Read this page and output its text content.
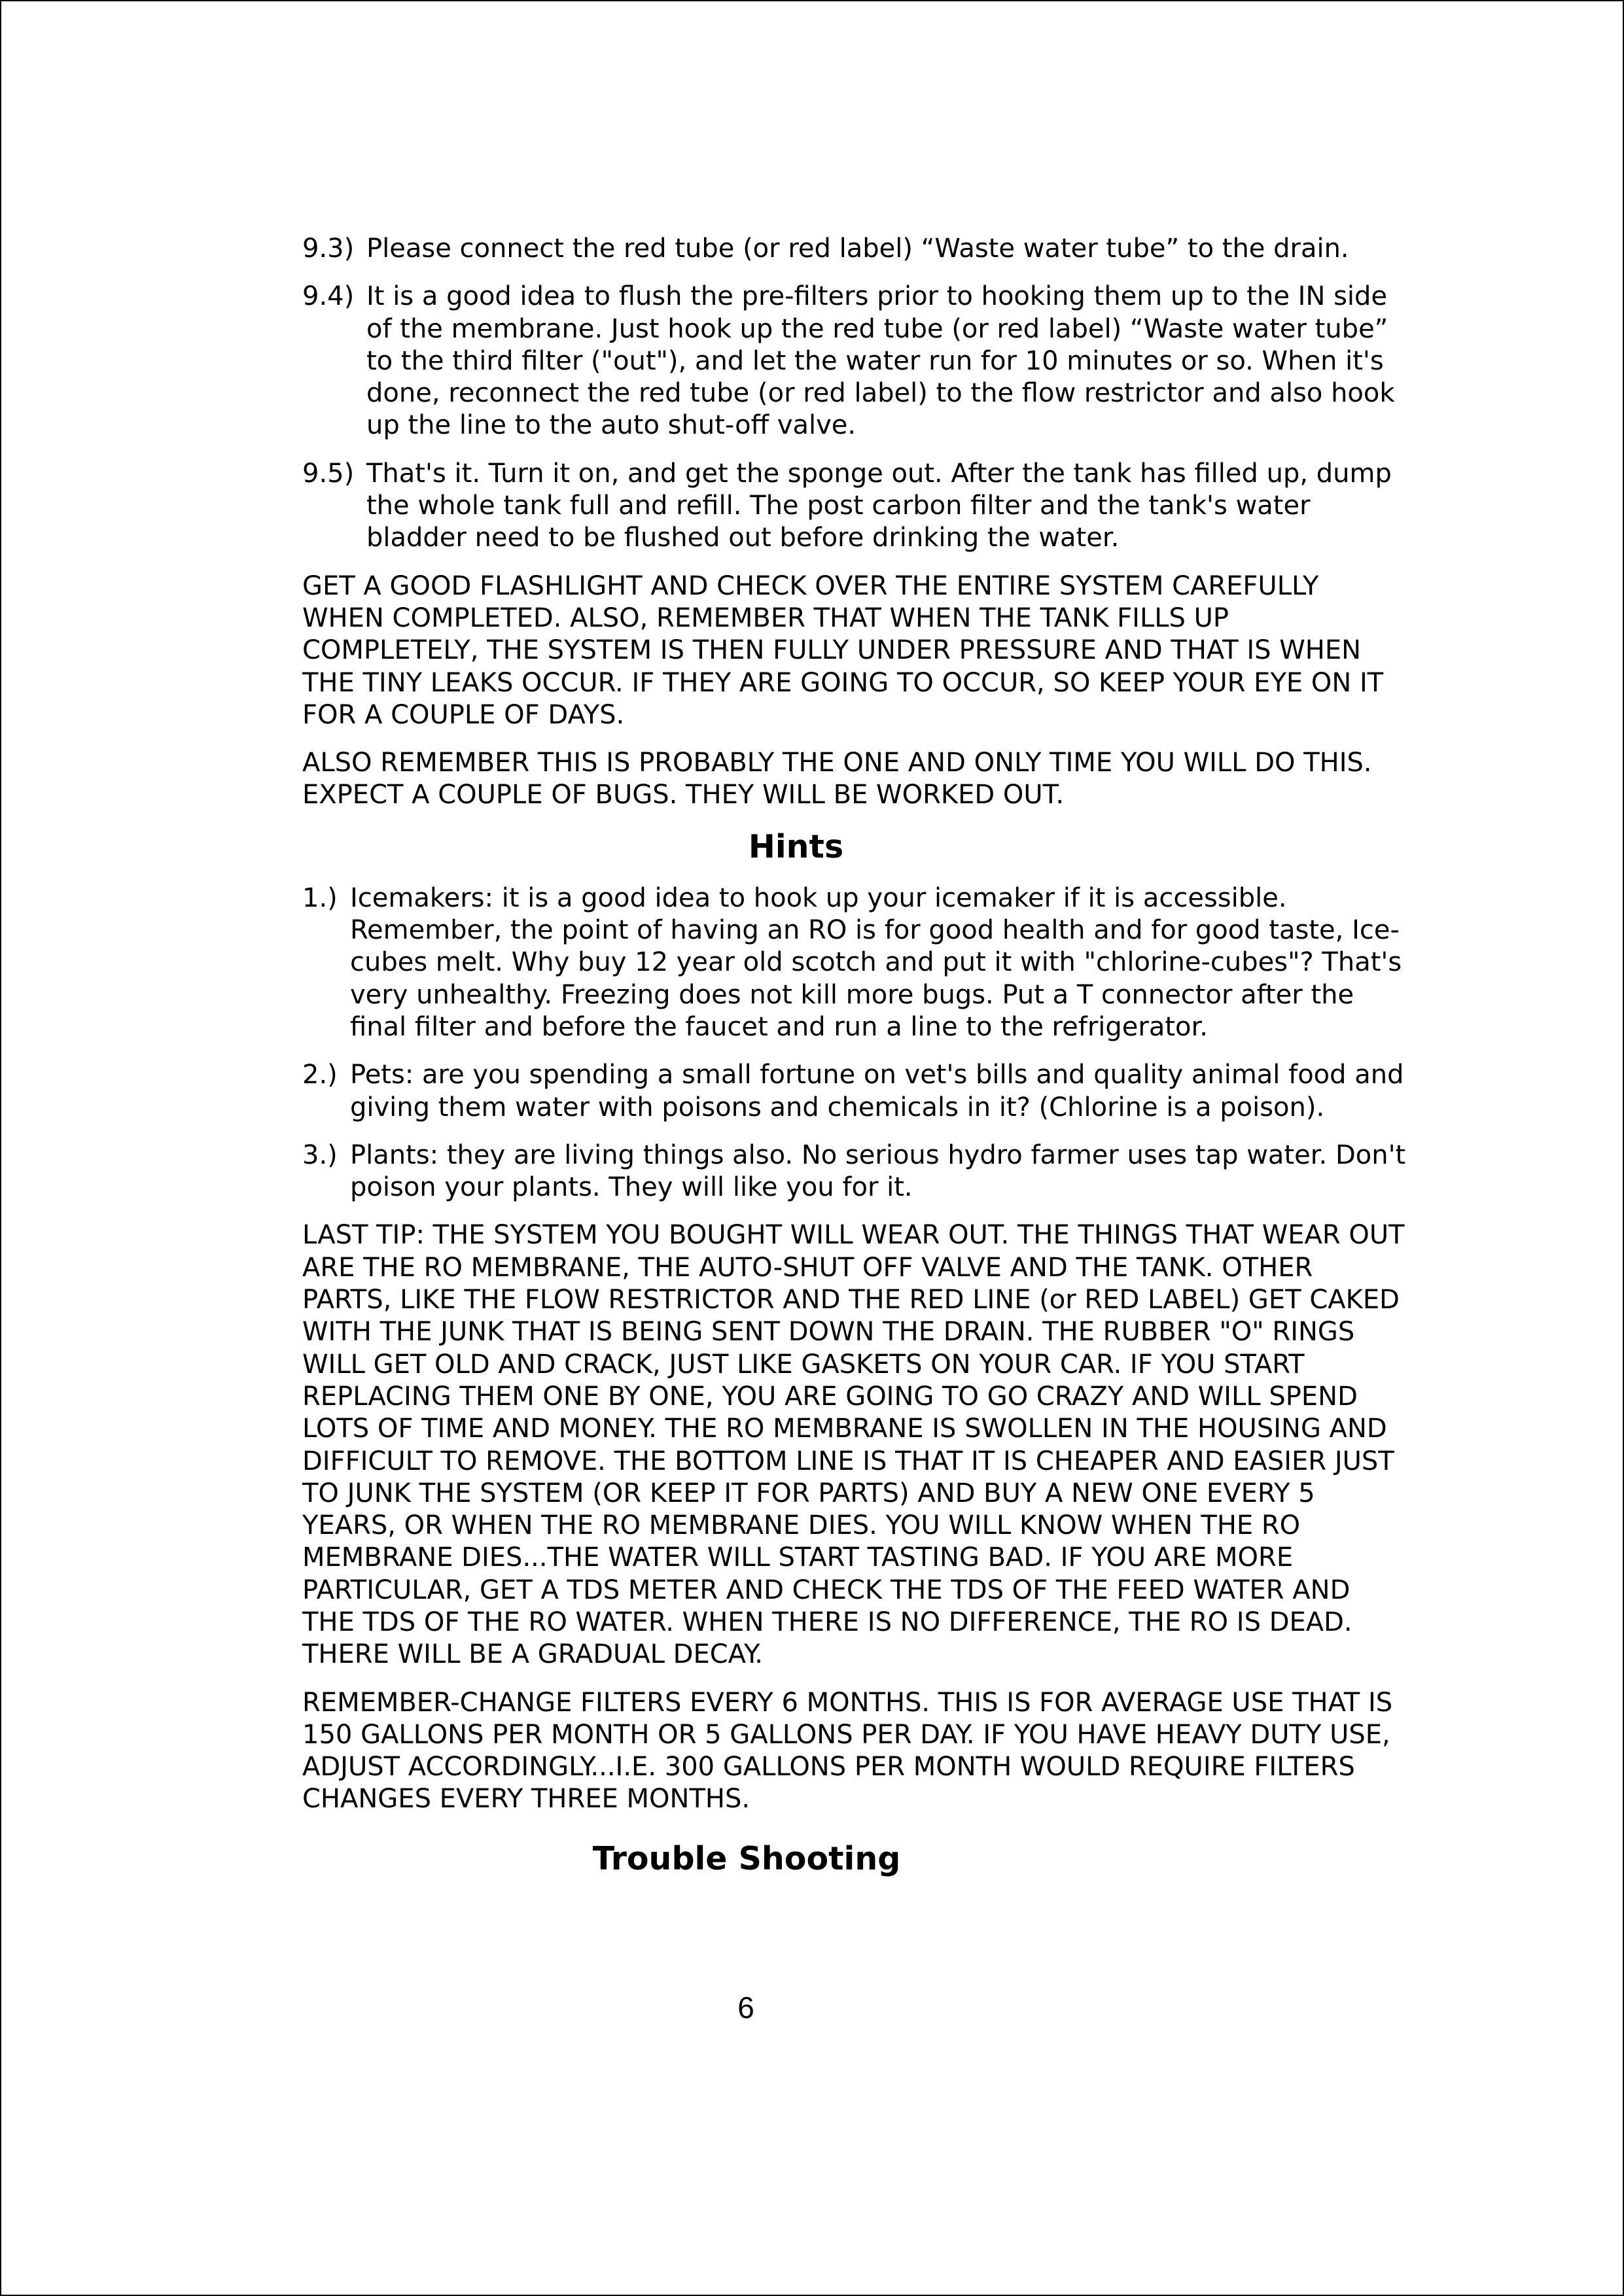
9.3) Please connect the red tube (or red label) “Waste water tube” to the drain.
9.4) It is a good idea to flush the pre-filters prior to hooking them up to the IN side of the membrane. Just hook up the red tube (or red label) “Waste water tube” to the third filter ("out"), and let the water run for 10 minutes or so. When it's done, reconnect the red tube (or red label) to the flow restrictor and also hook up the line to the auto shut-off valve.
9.5) That's it. Turn it on, and get the sponge out. After the tank has filled up, dump the whole tank full and refill. The post carbon filter and the tank's water bladder need to be flushed out before drinking the water.
GET A GOOD FLASHLIGHT AND CHECK OVER THE ENTIRE SYSTEM CAREFULLY WHEN COMPLETED. ALSO, REMEMBER THAT WHEN THE TANK FILLS UP COMPLETELY, THE SYSTEM IS THEN FULLY UNDER PRESSURE AND THAT IS WHEN THE TINY LEAKS OCCUR. IF THEY ARE GOING TO OCCUR, SO KEEP YOUR EYE ON IT FOR A COUPLE OF DAYS.
ALSO REMEMBER THIS IS PROBABLY THE ONE AND ONLY TIME YOU WILL DO THIS. EXPECT A COUPLE OF BUGS. THEY WILL BE WORKED OUT.
Hints
1.) Icemakers: it is a good idea to hook up your icemaker if it is accessible. Remember, the point of having an RO is for good health and for good taste, Ice-cubes melt. Why buy 12 year old scotch and put it with "chlorine-cubes"? That's very unhealthy. Freezing does not kill more bugs. Put a T connector after the final filter and before the faucet and run a line to the refrigerator.
2.) Pets: are you spending a small fortune on vet's bills and quality animal food and giving them water with poisons and chemicals in it? (Chlorine is a poison).
3.) Plants: they are living things also. No serious hydro farmer uses tap water. Don't poison your plants. They will like you for it.
LAST TIP: THE SYSTEM YOU BOUGHT WILL WEAR OUT. THE THINGS THAT WEAR OUT ARE THE RO MEMBRANE, THE AUTO-SHUT OFF VALVE AND THE TANK. OTHER PARTS, LIKE THE FLOW RESTRICTOR AND THE RED LINE (or RED LABEL) GET CAKED WITH THE JUNK THAT IS BEING SENT DOWN THE DRAIN. THE RUBBER "O" RINGS WILL GET OLD AND CRACK, JUST LIKE GASKETS ON YOUR CAR. IF YOU START REPLACING THEM ONE BY ONE, YOU ARE GOING TO GO CRAZY AND WILL SPEND LOTS OF TIME AND MONEY. THE RO MEMBRANE IS SWOLLEN IN THE HOUSING AND DIFFICULT TO REMOVE. THE BOTTOM LINE IS THAT IT IS CHEAPER AND EASIER JUST TO JUNK THE SYSTEM (OR KEEP IT FOR PARTS) AND BUY A NEW ONE EVERY 5 YEARS, OR WHEN THE RO MEMBRANE DIES. YOU WILL KNOW WHEN THE RO MEMBRANE DIES...THE WATER WILL START TASTING BAD. IF YOU ARE MORE PARTICULAR, GET A TDS METER AND CHECK THE TDS OF THE FEED WATER AND THE TDS OF THE RO WATER. WHEN THERE IS NO DIFFERENCE, THE RO IS DEAD. THERE WILL BE A GRADUAL DECAY.
REMEMBER-CHANGE FILTERS EVERY 6 MONTHS. THIS IS FOR AVERAGE USE THAT IS 150 GALLONS PER MONTH OR 5 GALLONS PER DAY. IF YOU HAVE HEAVY DUTY USE, ADJUST ACCORDINGLY...I.E. 300 GALLONS PER MONTH WOULD REQUIRE FILTERS CHANGES EVERY THREE MONTHS.
Trouble Shooting
6
